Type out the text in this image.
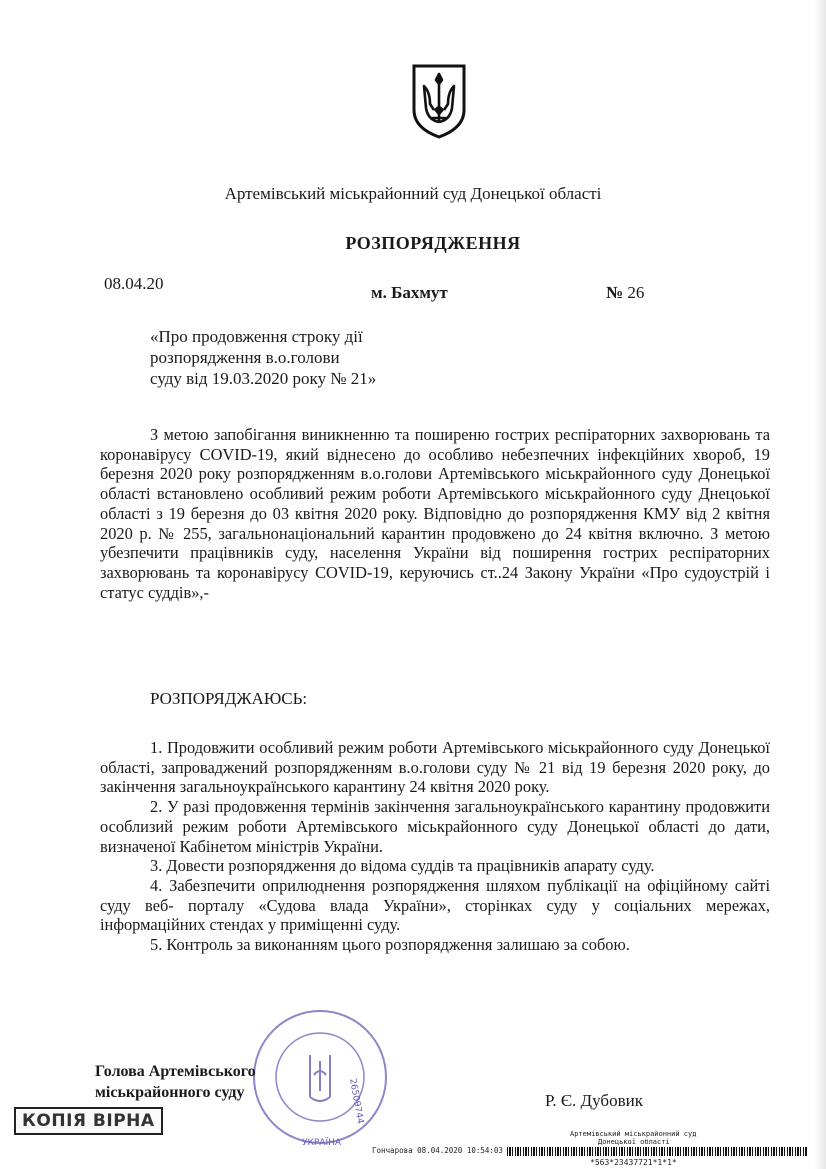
Артемівський міськрайонний суд Донецької області
РОЗПОРЯДЖЕННЯ
08.04.20	м. Бахмут	№ 26
«Про продовження строку дії
розпорядження в.о.голови
суду від 19.03.2020 року № 21»

З метою запобігання виникненню та поширеню гострих респіраторних захворювань та коронавірусу COVID-19, який віднесено до особливо небезпечних інфекційних хвороб, 19 березня 2020 року розпорядженням в.о.голови Артемівського міськрайонного суду Донецької області встановлено особливий режим роботи Артемівського міськрайонного суду Днецоької області з 19 березня до 03 квітня 2020 року. Відповідно до розпорядження КМУ від 2 квітня 2020 р. № 255, загальнонаціональний карантин продовжено до 24 квітня включно. З метою убезпечити працівників суду, населення України від поширення гострих респіраторних захворювань та коронавірусу COVID-19, керуючись ст..24 Закону України «Про судоустрій і статус суддів»,-

РОЗПОРЯДЖАЮСЬ:

1. Продовжити особливий режим роботи Артемівського міськрайонного суду Донецької області, запроваджений розпорядженням в.о.голови суду № 21 від 19 березня 2020 року, до закінчення загальноукраїнського карантину 24 квітня 2020 року.

2. У разі продовження термінів закінчення загальноукраїнського карантину продовжити особлизий режим роботи Артемівського міськрайонного суду Донецької області до дати, визначеної Кабінетом міністрів України.

3. Довести розпорядження до відома суддів та працівників апарату суду.

4. Забезпечити оприлюднення розпорядження шляхом публікації на офіційному сайті суду веб- порталу «Судова влада України», сторінках суду у соціальних мережах, інформаційних стендах у приміщенні суду.

5. Контроль за виконанням цього розпорядження залишаю за собою.

26509744
УКРАЇНА
Голова Артемівського
міськрайонного суду	Р. Є. Дубовик
КОПІЯ ВІРНА
Артемівський міськрайонний суд
Донецької області
Гончарова 08.04.2020 10:54:03
*563*23437721*1*1*
